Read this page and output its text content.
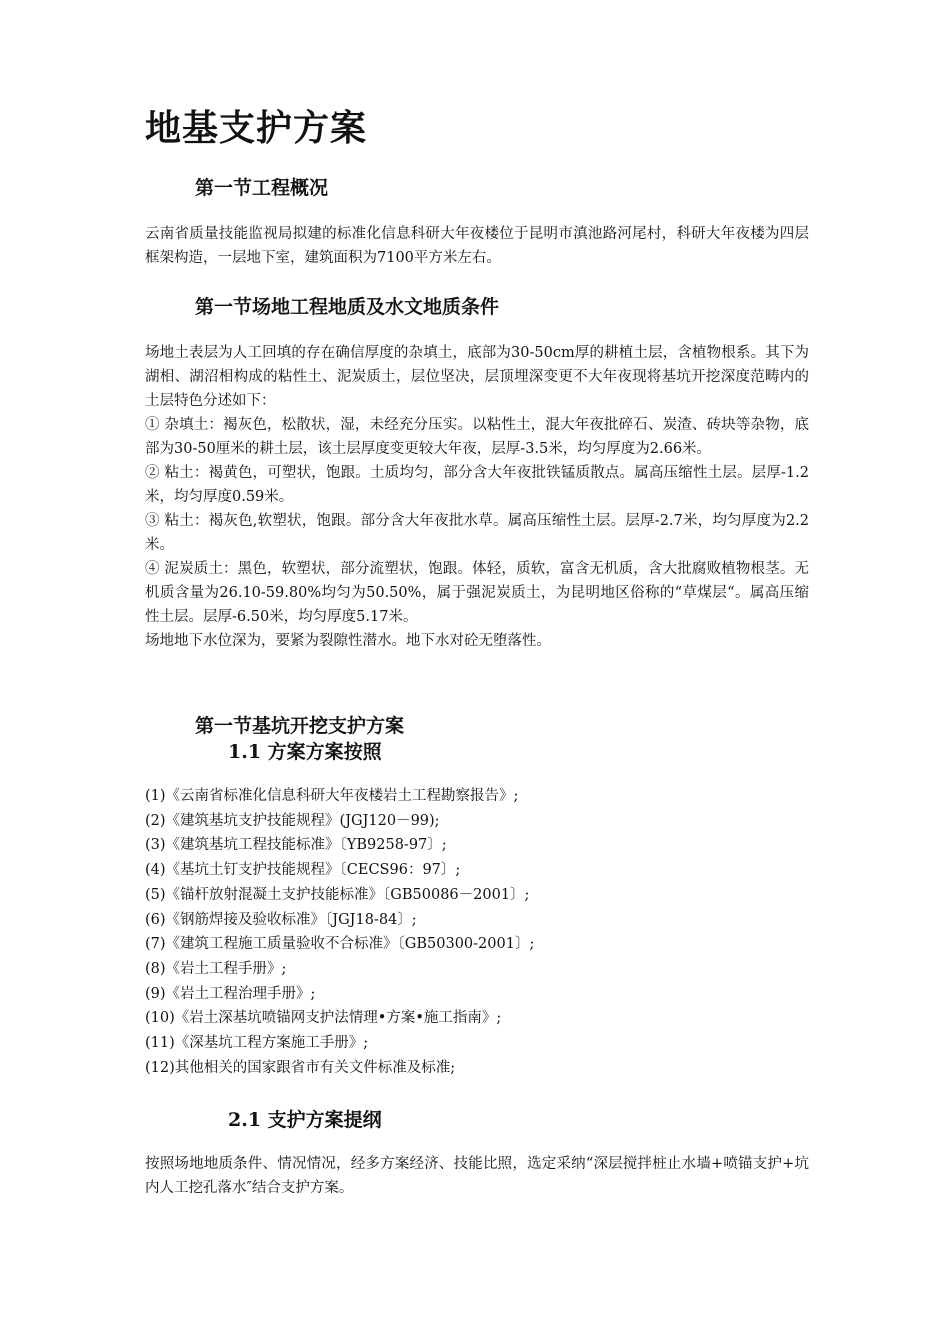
地基支护方案
第一节工程概况

云南省质量技能监视局拟建的标准化信息科研大年夜楼位于昆明市滇池路河尾村，科研大年夜楼为四层框架构造，一层地下室，建筑面积为7100平方米左右。

第一节场地工程地质及水文地质条件

场地土表层为人工回填的存在确信厚度的杂填土，底部为30-50cm厚的耕植土层，含植物根系。其下为湖相、湖沼相构成的粘性土、泥炭质土，层位坚决，层顶埋深变更不大年夜现将基坑开挖深度范畴内的土层特色分述如下：

① 杂填土：褐灰色，松散状，湿，未经充分压实。以粘性土，混大年夜批碎石、炭渣、砖块等杂物，底部为30-50厘米的耕土层，该土层厚度变更较大年夜，层厚-3.5米，均匀厚度为2.66米。

② 粘土：褐黄色，可塑状，饱跟。土质均匀，部分含大年夜批铁锰质散点。属高压缩性土层。层厚-1.2米，均匀厚度0.59米。

③ 粘土：褐灰色,软塑状，饱跟。部分含大年夜批水草。属高压缩性土层。层厚-2.7米，均匀厚度为2.2米。

④ 泥炭质土：黑色，软塑状，部分流塑状，饱跟。体轻，质软，富含无机质，含大批腐败植物根茎。无机质含量为26.10-59.80%均匀为50.50%，属于强泥炭质土，为昆明地区俗称的“草煤层“。属高压缩性土层。层厚-6.50米，均匀厚度5.17米。

场地地下水位深为，要紧为裂隙性潜水。地下水对砼无堕落性。

第一节基坑开挖支护方案
1.1 方案方案按照

(1)《云南省标准化信息科研大年夜楼岩土工程勘察报告》;

(2)《建筑基坑支护技能规程》(JGJ120－99);

(3)《建筑基坑工程技能标准》〔YB9258-97〕;

(4)《基坑土钉支护技能规程》〔CECS96：97〕;

(5)《锚杆放射混凝土支护技能标准》〔GB50086－2001〕;

(6)《钢筋焊接及验收标准》〔JGJ18-84〕;

(7)《建筑工程施工质量验收不合标准》〔GB50300-2001〕;

(8)《岩土工程手册》;

(9)《岩土工程治理手册》;

(10)《岩土深基坑喷锚网支护法情理•方案•施工指南》;

(11)《深基坑工程方案施工手册》;

(12)其他相关的国家跟省市有关文件标准及标准;

2.1 支护方案提纲

按照场地地质条件、情况情况，经多方案经济、技能比照，选定采纳“深层搅拌桩止水墙+喷锚支护+坑内人工挖孔落水″结合支护方案。
